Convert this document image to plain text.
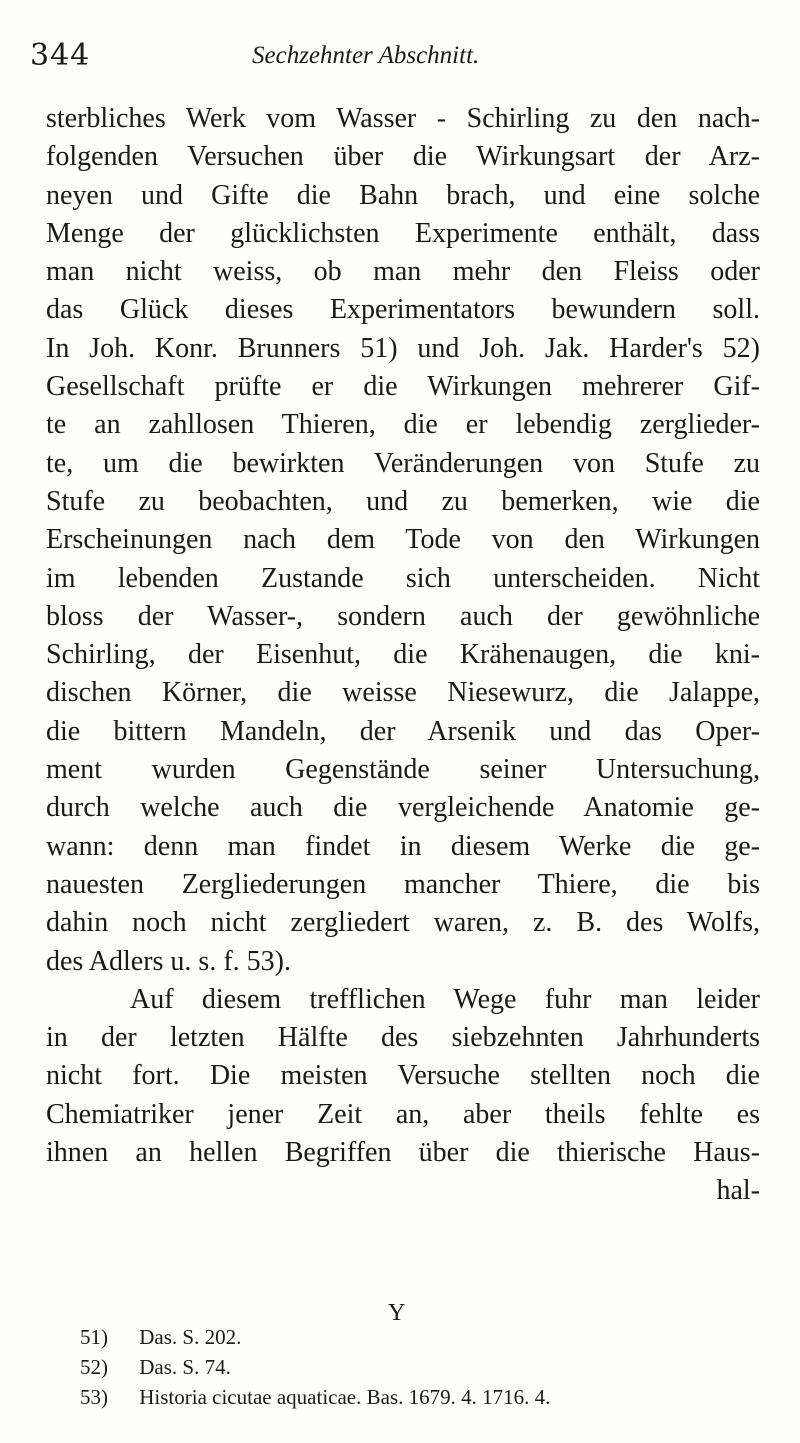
344	Sechzehnter Abschnitt.
sterbliches Werk vom Wasser - Schirling zu den nach-
folgenden Versuchen über die Wirkungsart der Arz-
neyen und Gifte die Bahn brach, und eine solche
Menge der glücklichsten Experimente enthält, dass
man nicht weiss, ob man mehr den Fleiss oder
das Glück dieses Experimentators bewundern soll.
In Joh. Konr. Brunners 51) und Joh. Jak. Harder's 52)
Gesellschaft prüfte er die Wirkungen mehrerer Gif-
te an zahllosen Thieren, die er lebendig zerglieder-
te, um die bewirkten Veränderungen von Stufe zu
Stufe zu beobachten, und zu bemerken, wie die
Erscheinungen nach dem Tode von den Wirkungen
im lebenden Zustande sich unterscheiden. Nicht
bloss der Wasser-, sondern auch der gewöhnliche
Schirling, der Eisenhut, die Krähenaugen, die kni-
dischen Körner, die weisse Niesewurz, die Jalappe,
die bittern Mandeln, der Arsenik und das Oper-
ment wurden Gegenstände seiner Untersuchung,
durch welche auch die vergleichende Anatomie ge-
wann: denn man findet in diesem Werke die ge-
nauesten Zergliederungen mancher Thiere, die bis
dahin noch nicht zergliedert waren, z. B. des Wolfs,
des Adlers u. s. f. 53).
Auf diesem trefflichen Wege fuhr man leider
in der letzten Hälfte des siebzehnten Jahrhunderts
nicht fort. Die meisten Versuche stellten noch die
Chemiatriker jener Zeit an, aber theils fehlte es
ihnen an hellen Begriffen über die thierische Haus-
hal-
Y
51) Das. S. 202.
52) Das. S. 74.
53) Historia cicutae aquaticae. Bas. 1679. 4. 1716. 4.
